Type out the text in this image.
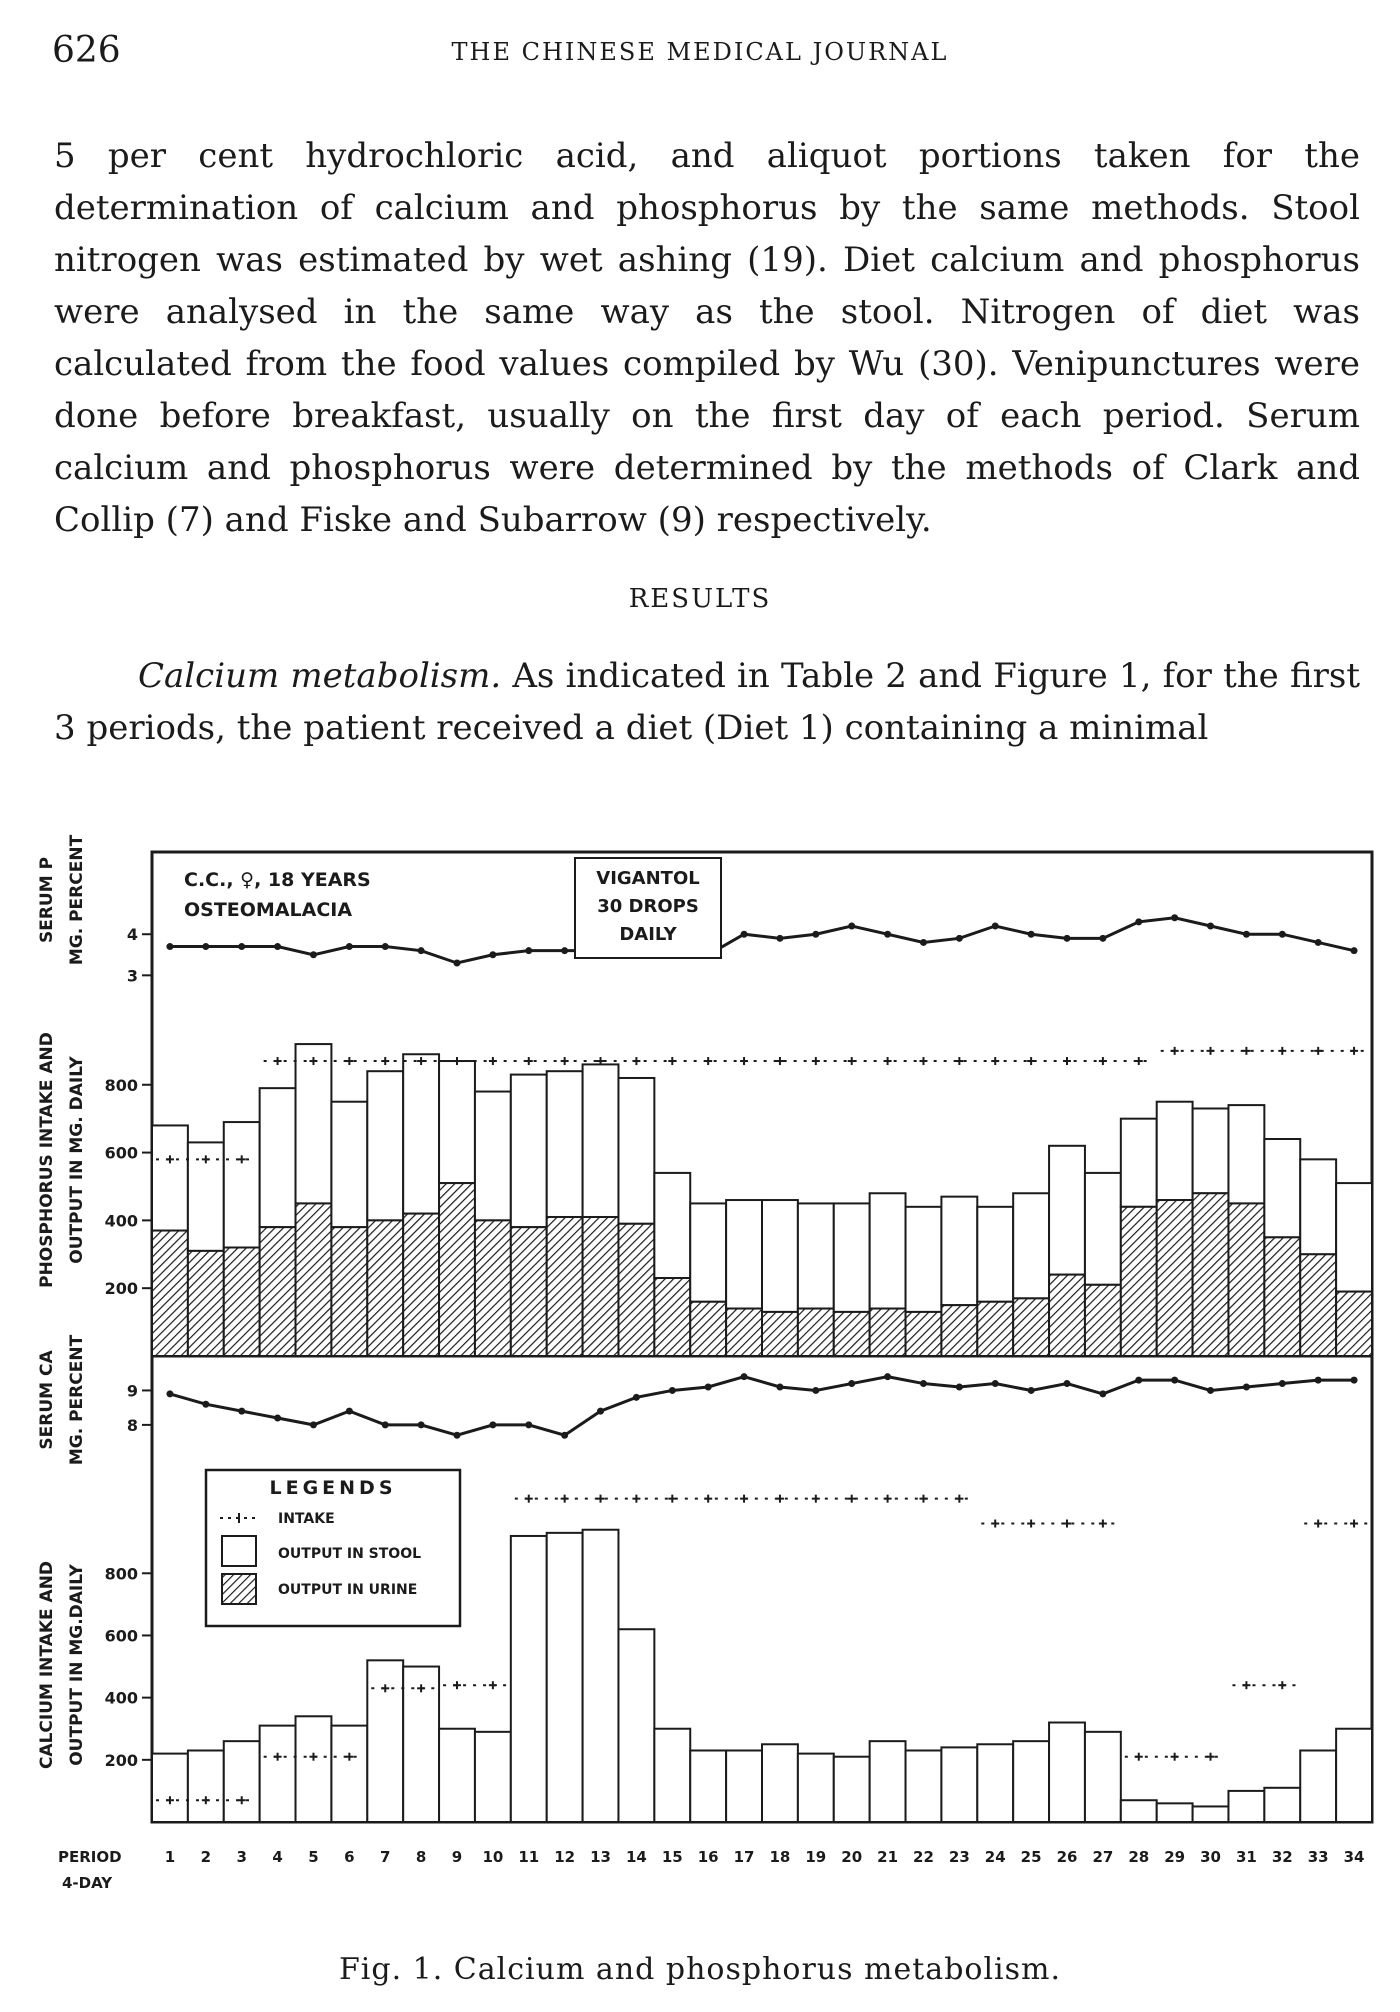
626	THE CHINESE MEDICAL JOURNAL

5 per cent hydrochloric acid, and aliquot portions taken for the determination of calcium and phosphorus by the same methods. Stool nitrogen was estimated by wet ashing (19). Diet calcium and phosphorus were analysed in the same way as the stool. Nitrogen of diet was calculated from the food values compiled by Wu (30). Venipunctures were done before breakfast, usually on the first day of each period. Serum calcium and phosphorus were determined by the methods of Clark and Collip (7) and Fiske and Subarrow (9) respectively.

RESULTS

Calcium metabolism. As indicated in Table 2 and Figure 1, for the first 3 periods, the patient received a diet (Diet 1) containing a minimal

3
4
200
400
600
800
8
9
200
400
600
800
1 2 3 4 5 6 7 8 9 10 11 12 13 14 15 16 17 18 19 20 21 22 23 24 25 26 27 28 29 30 31 32 33 34
PERIOD
4-DAY
C.C., ♀, 18 YEARS
OSTEOMALACIA
VIGANTOL
30 DROPS
DAILY
LEGENDS
INTAKE
OUTPUT IN STOOL
OUTPUT IN URINE
SERUM P MG. PERCENT
PHOSPHORUS INTAKE AND OUTPUT IN MG. DAILY
SERUM CA MG. PERCENT
CALCIUM INTAKE AND OUTPUT IN MG.DAILY
Fig. 1. Calcium and phosphorus metabolism.
